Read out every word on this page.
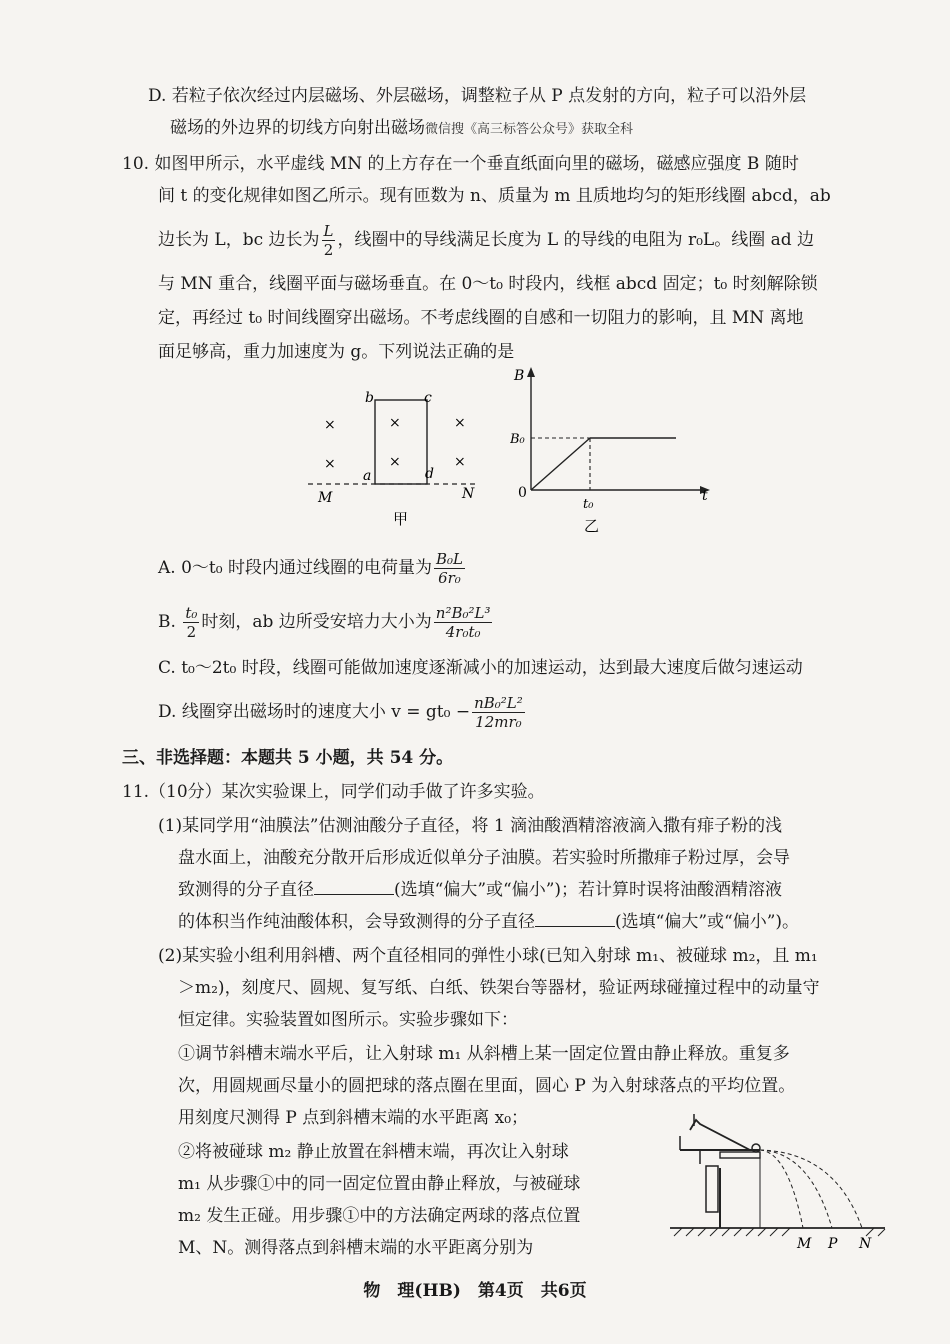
D. 若粒子依次经过内层磁场、外层磁场，调整粒子从 P 点发射的方向，粒子可以沿外层
磁场的外边界的切线方向射出磁场微信搜《高三标答公众号》获取全科
10. 如图甲所示，水平虚线 MN 的上方存在一个垂直纸面向里的磁场，磁感应强度 B 随时
间 t 的变化规律如图乙所示。现有匝数为 n、质量为 m 且质地均匀的矩形线圈 abcd，ab
边长为 L，bc 边长为 $\frac{L}{2}$ ，线圈中的导线满足长度为 L 的导线的电阻为 r₀L。线圈 ad 边
与 MN 重合，线圈平面与磁场垂直。在 0～t₀ 时段内，线框 abcd 固定；t₀ 时刻解除锁
定，再经过 t₀ 时间线圈穿出磁场。不考虑线圈的自感和一切阻力的影响，且 MN 离地
面足够高，重力加速度为 g。下列说法正确的是
b	c
a	d
M	N
×	×	×
×	×	×
甲
B
B₀
0
t₀
t
乙
A. 0～t₀ 时段内通过线圈的电荷量为 $\frac{\text{B₀L}}{\text{6r₀}}$
B. $\frac{\text{t₀}}{2}$ 时刻，ab 边所受安培力大小为 $\frac{\text{n²B₀²L³}}{\text{4r₀t₀}}$
C. t₀～2t₀ 时段，线圈可能做加速度逐渐减小的加速运动，达到最大速度后做匀速运动
D. 线圈穿出磁场时的速度大小 $v = gt_0 - \frac{\text{nB₀²L²}}{\text{12mr₀}}$
三、非选择题：本题共 5 小题，共 54 分。
11.（10分）某次实验课上，同学们动手做了许多实验。
(1)某同学用“油膜法”估测油酸分子直径，将 1 滴油酸酒精溶液滴入撒有痱子粉的浅
盘水面上，油酸充分散开后形成近似单分子油膜。若实验时所撒痱子粉过厚，会导
致测得的分子直径	(选填“偏大”或“偏小”)；若计算时误将油酸酒精溶液
的体积当作纯油酸体积，会导致测得的分子直径	(选填“偏大”或“偏小”)。
(2)某实验小组利用斜槽、两个直径相同的弹性小球(已知入射球 m₁、被碰球 m₂，且 m₁
＞m₂)，刻度尺、圆规、复写纸、白纸、铁架台等器材，验证两球碰撞过程中的动量守
恒定律。实验装置如图所示。实验步骤如下：
①调节斜槽末端水平后，让入射球 m₁ 从斜槽上某一固定位置由静止释放。重复多
次，用圆规画尽量小的圆把球的落点圈在里面，圆心 P 为入射球落点的平均位置。
用刻度尺测得 P 点到斜槽末端的水平距离 x₀；
②将被碰球 m₂ 静止放置在斜槽末端，再次让入射球
m₁ 从步骤①中的同一固定位置由静止释放，与被碰球
m₂ 发生正碰。用步骤①中的方法确定两球的落点位置
M、N。测得落点到斜槽末端的水平距离分别为	M P N
物　理(HB)　第4页　共6页
